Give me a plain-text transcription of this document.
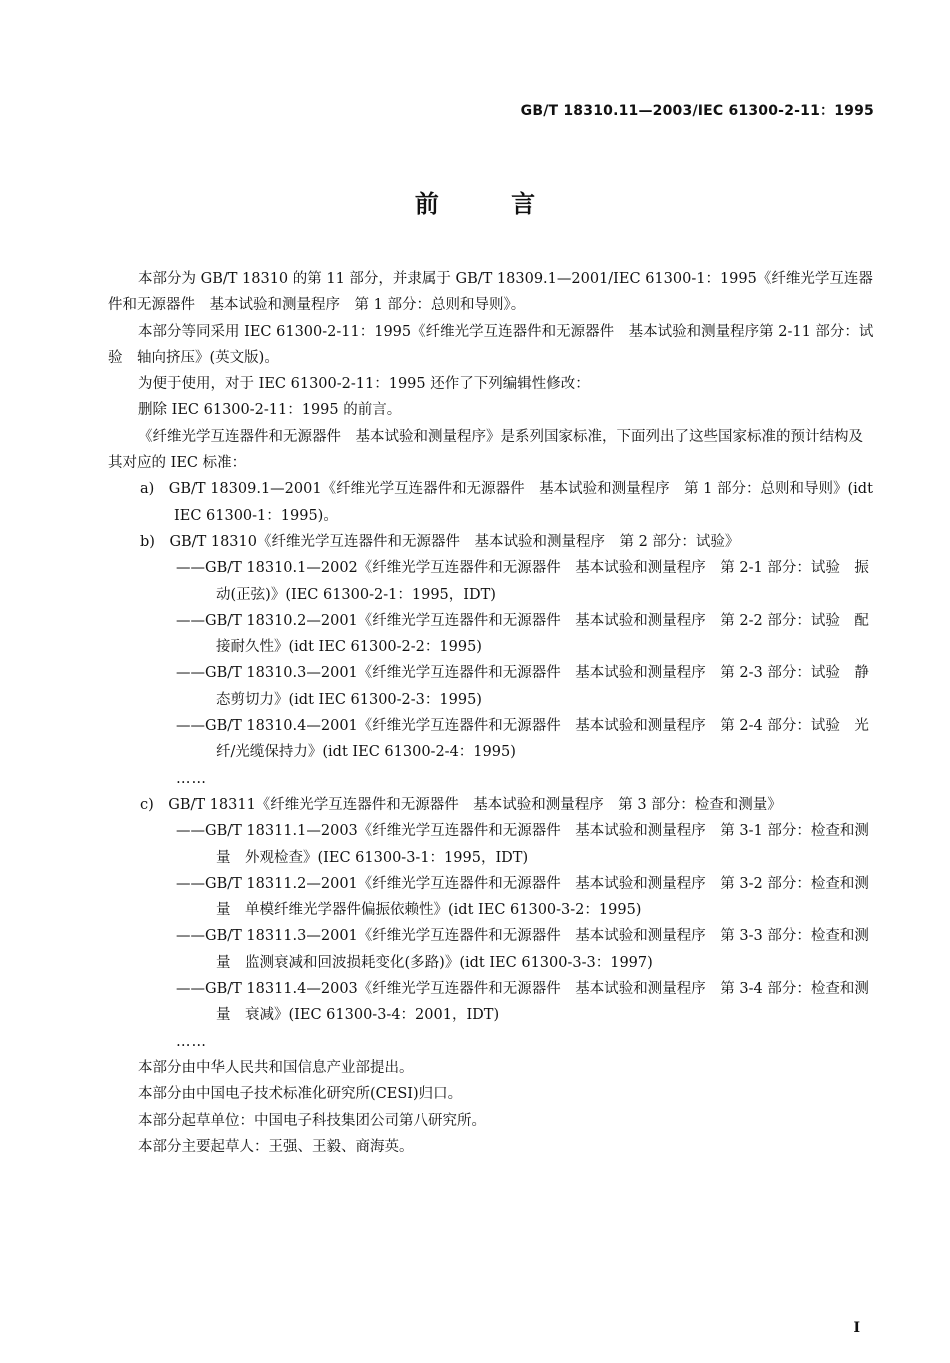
GB/T 18310.11—2003/IEC 61300-2-11：1995
前 言

本部分为 GB/T 18310 的第 11 部分，并隶属于 GB/T 18309.1—2001/IEC 61300-1：1995《纤维光学互连器件和无源器件　基本试验和测量程序　第 1 部分：总则和导则》。

本部分等同采用 IEC 61300-2-11：1995《纤维光学互连器件和无源器件　基本试验和测量程序第 2-11 部分：试验　轴向挤压》(英文版)。

为便于使用，对于 IEC 61300-2-11：1995 还作了下列编辑性修改：

删除 IEC 61300-2-11：1995 的前言。

《纤维光学互连器件和无源器件　基本试验和测量程序》是系列国家标准，下面列出了这些国家标准的预计结构及其对应的 IEC 标准：

a)　GB/T 18309.1—2001《纤维光学互连器件和无源器件　基本试验和测量程序　第 1 部分：总则和导则》(idt IEC 61300-1：1995)。

b)　GB/T 18310《纤维光学互连器件和无源器件　基本试验和测量程序　第 2 部分：试验》

——GB/T 18310.1—2002《纤维光学互连器件和无源器件　基本试验和测量程序　第 2-1 部分：试验　振动(正弦)》(IEC 61300-2-1：1995，IDT)

——GB/T 18310.2—2001《纤维光学互连器件和无源器件　基本试验和测量程序　第 2-2 部分：试验　配接耐久性》(idt IEC 61300-2-2：1995)

——GB/T 18310.3—2001《纤维光学互连器件和无源器件　基本试验和测量程序　第 2-3 部分：试验　静态剪切力》(idt IEC 61300-2-3：1995)

——GB/T 18310.4—2001《纤维光学互连器件和无源器件　基本试验和测量程序　第 2-4 部分：试验　光纤/光缆保持力》(idt IEC 61300-2-4：1995)

……

c)　GB/T 18311《纤维光学互连器件和无源器件　基本试验和测量程序　第 3 部分：检查和测量》

——GB/T 18311.1—2003《纤维光学互连器件和无源器件　基本试验和测量程序　第 3-1 部分：检查和测量　外观检查》(IEC 61300-3-1：1995，IDT)

——GB/T 18311.2—2001《纤维光学互连器件和无源器件　基本试验和测量程序　第 3-2 部分：检查和测量　单模纤维光学器件偏振依赖性》(idt IEC 61300-3-2：1995)

——GB/T 18311.3—2001《纤维光学互连器件和无源器件　基本试验和测量程序　第 3-3 部分：检查和测量　监测衰减和回波损耗变化(多路)》(idt IEC 61300-3-3：1997)

——GB/T 18311.4—2003《纤维光学互连器件和无源器件　基本试验和测量程序　第 3-4 部分：检查和测量　衰减》(IEC 61300-3-4：2001，IDT)

……

本部分由中华人民共和国信息产业部提出。

本部分由中国电子技术标准化研究所(CESI)归口。

本部分起草单位：中国电子科技集团公司第八研究所。

本部分主要起草人：王强、王毅、商海英。

I
